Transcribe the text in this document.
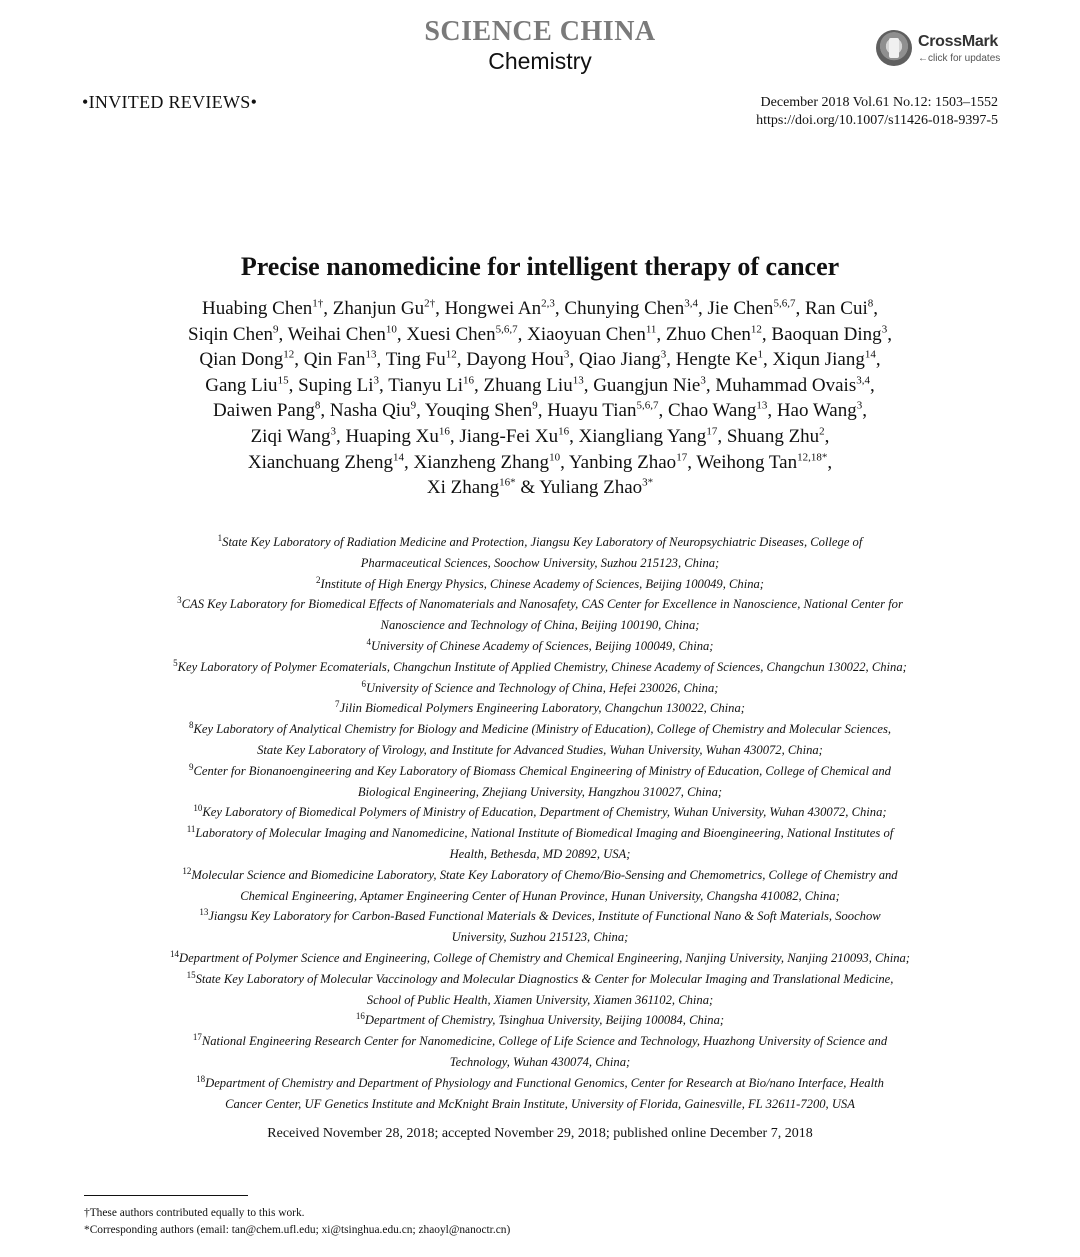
SCIENCE CHINA
Chemistry
CrossMark
←click for updates
•INVITED REVIEWS•	December 2018 Vol.61 No.12: 1503–1552
https://doi.org/10.1007/s11426-018-9397-5
Precise nanomedicine for intelligent therapy of cancer
Huabing Chen$^{1\dagger}$, Zhanjun $Gu^{2\dagger}$, Hongwei An$^{2,3}$, Chunying Chen$^{3,4}$, Jie Chen$^{5,6,7}$, Ran Cui$^8$,
Siqin Chen$^9$, Weihai Chen$^{10}$, Xuesi Chen$^{5,6,7}$, Xiaoyuan Chen$^{11}$, Zhuo Chen$^{12}$, Baoquan Ding$^3$,
Qian Dong$^{12}$, Qin Fan$^{13}$, Ting Fu$^{12}$, Dayong Hou$^3$, Qiao Jiang$^3$, Hengte Ke$^1$, Xiqun Jiang$^{14}$,
Gang Liu$^{15}$, Suping Li$^3$, Tianyu Li$^{16}$, Zhuang Liu$^{13}$, Guangjun Nie$^3$, Muhammad Ovais$^{3,4}$,
Daiwen Pang$^8$, Nasha Qiu$^9$, Youqing Shen$^9$, Huayu Tian$^{5,6,7}$, Chao Wang$^{13}$, Hao Wang$^3$,
Ziqi Wang$^3$, Huaping Xu$^{16}$, Jiang-Fei Xu$^{16}$, Xiangliang Yang$^{17}$, Shuang Zhu$^2$,
Xianchuang Zheng$^{14}$, Xianzheng Zhang$^{10}$, Yanbing Zhao$^{17}$, Weihong Tan$^{12,18*}$,
Xi Zhang$^{16*}$ & Yuliang Zhao$^{3*}$
$^1$State Key Laboratory of Radiation Medicine and Protection, Jiangsu Key Laboratory of Neuropsychiatric Diseases, College of
Pharmaceutical Sciences, Soochow University, Suzhou 215123, China;
$^2$Institute of High Energy Physics, Chinese Academy of Sciences, Beijing 100049, China;
$^3$CAS Key Laboratory for Biomedical Effects of Nanomaterials and Nanosafety, CAS Center for Excellence in Nanoscience, National Center for
Nanoscience and Technology of China, Beijing 100190, China;
$^4$University of Chinese Academy of Sciences, Beijing 100049, China;
$^5$Key Laboratory of Polymer Ecomaterials, Changchun Institute of Applied Chemistry, Chinese Academy of Sciences, Changchun 130022, China;
$^6$University of Science and Technology of China, Hefei 230026, China;
$^7$Jilin Biomedical Polymers Engineering Laboratory, Changchun 130022, China;
$^8$Key Laboratory of Analytical Chemistry for Biology and Medicine (Ministry of Education), College of Chemistry and Molecular Sciences,
State Key Laboratory of Virology, and Institute for Advanced Studies, Wuhan University, Wuhan 430072, China;
$^9$Center for Bionanoengineering and Key Laboratory of Biomass Chemical Engineering of Ministry of Education, College of Chemical and
Biological Engineering, Zhejiang University, Hangzhou 310027, China;
$^{10}$Key Laboratory of Biomedical Polymers of Ministry of Education, Department of Chemistry, Wuhan University, Wuhan 430072, China;
$^{11}$Laboratory of Molecular Imaging and Nanomedicine, National Institute of Biomedical Imaging and Bioengineering, National Institutes of
Health, Bethesda, MD 20892, USA;
$^{12}$Molecular Science and Biomedicine Laboratory, State Key Laboratory of Chemo/Bio-Sensing and Chemometrics, College of Chemistry and
Chemical Engineering, Aptamer Engineering Center of Hunan Province, Hunan University, Changsha 410082, China;
$^{13}$Jiangsu Key Laboratory for Carbon-Based Functional Materials & Devices, Institute of Functional Nano & Soft Materials, Soochow
University, Suzhou 215123, China;
$^{14}$Department of Polymer Science and Engineering, College of Chemistry and Chemical Engineering, Nanjing University, Nanjing 210093, China;
$^{15}$State Key Laboratory of Molecular Vaccinology and Molecular Diagnostics & Center for Molecular Imaging and Translational Medicine,
School of Public Health, Xiamen University, Xiamen 361102, China;
$^{16}$Department of Chemistry, Tsinghua University, Beijing 100084, China;
$^{17}$National Engineering Research Center for Nanomedicine, College of Life Science and Technology, Huazhong University of Science and
Technology, Wuhan 430074, China;
$^{18}$Department of Chemistry and Department of Physiology and Functional Genomics, Center for Research at Bio/nano Interface, Health
Cancer Center, UF Genetics Institute and McKnight Brain Institute, University of Florida, Gainesville, FL 32611-7200, USA
Received November 28, 2018; accepted November 29, 2018; published online December 7, 2018

†These authors contributed equally to this work.

*Corresponding authors (email: tan@chem.ufl.edu; xi@tsinghua.edu.cn; zhaoyl@nanoctr.cn)
